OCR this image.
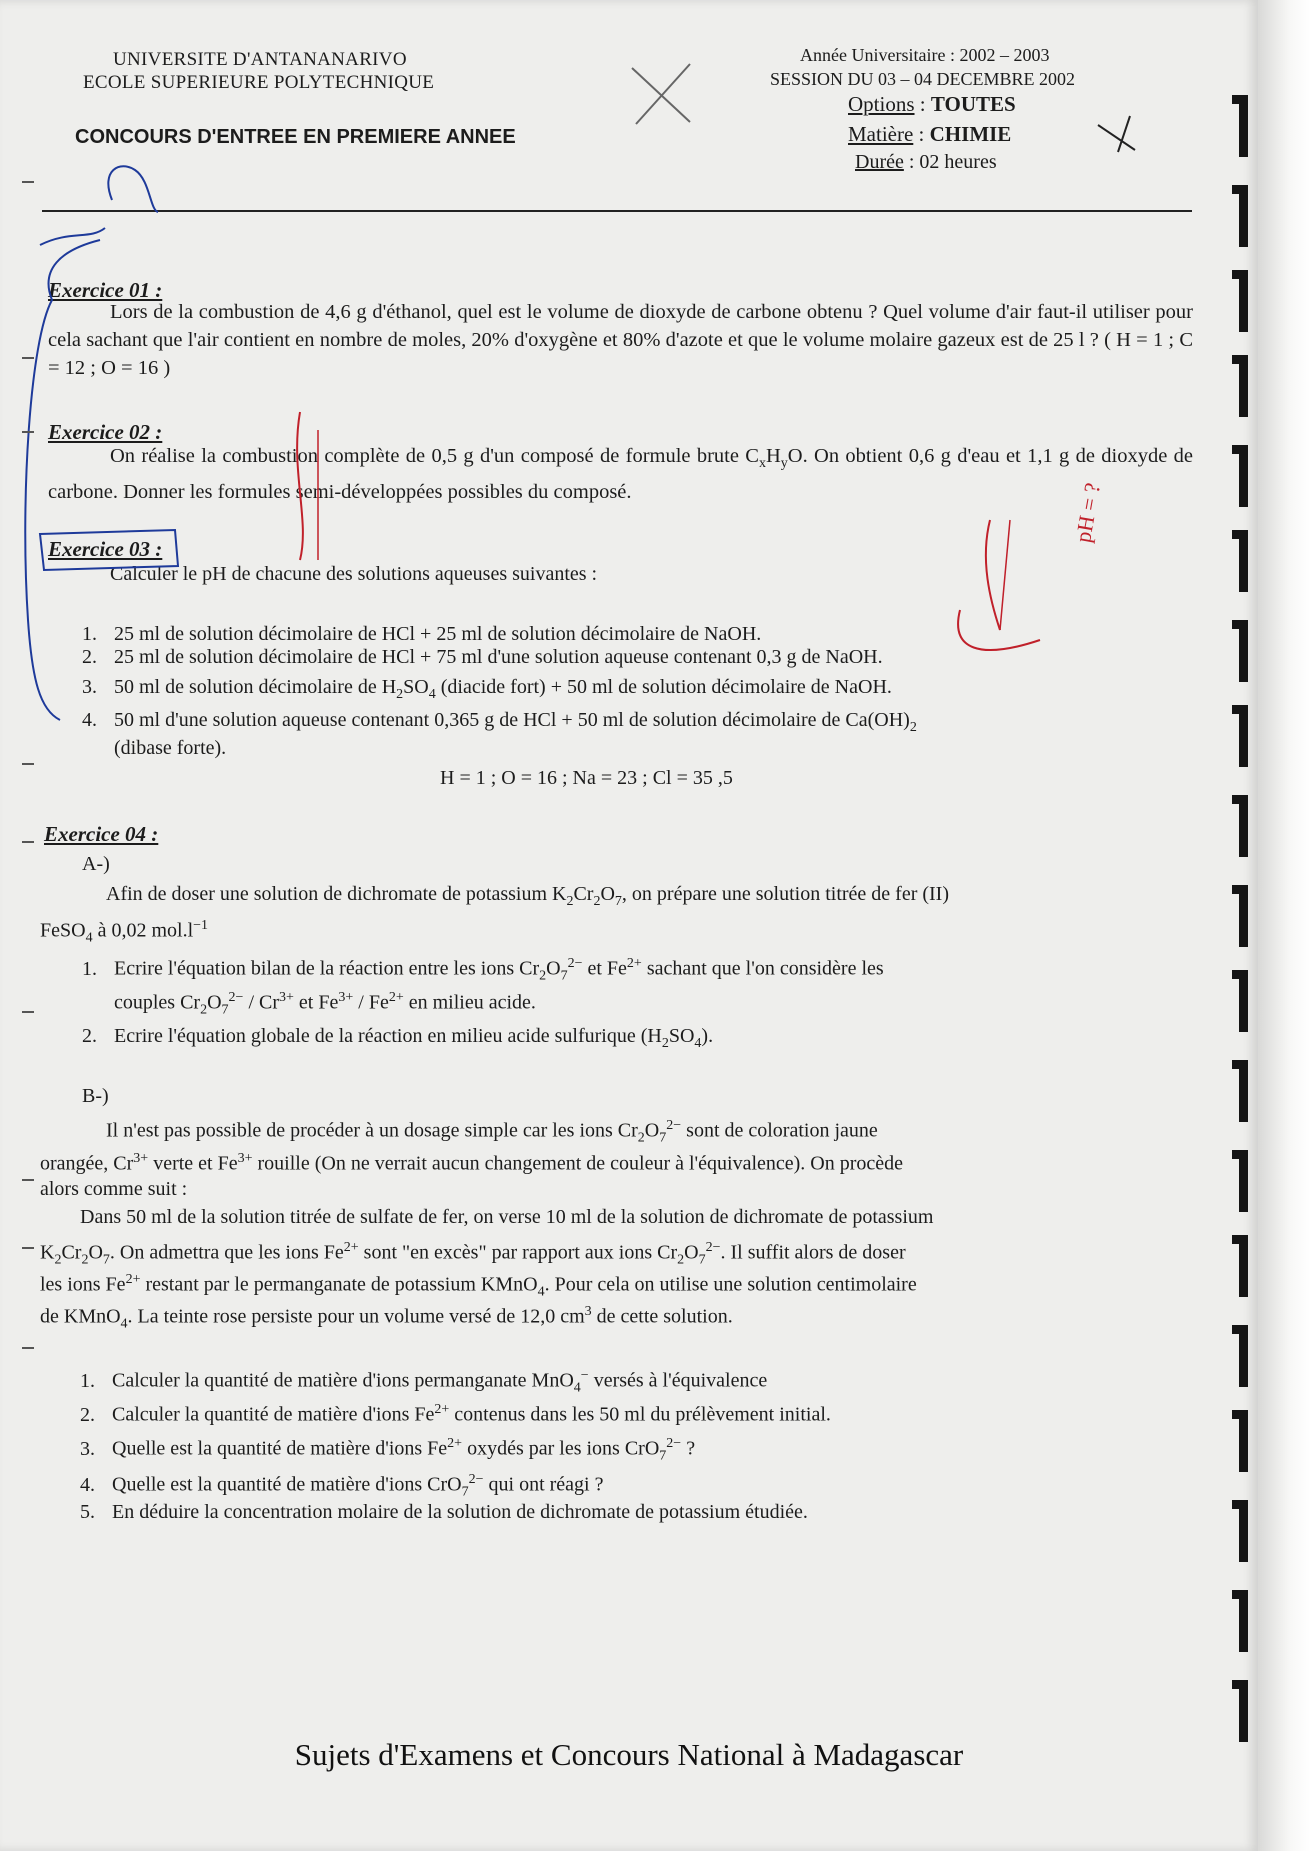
UNIVERSITE D'ANTANANARIVO
ECOLE SUPERIEURE POLYTECHNIQUE
CONCOURS D'ENTREE EN PREMIERE ANNEE
Année Universitaire : 2002 – 2003
SESSION DU 03 – 04 DECEMBRE 2002
Options : TOUTES
Matière : CHIMIE
Durée : 02 heures
Exercice 01 :
Lors de la combustion de 4,6 g d'éthanol, quel est le volume de dioxyde de carbone obtenu ? Quel volume d'air faut-il utiliser pour cela sachant que l'air contient en nombre de moles, 20% d'oxygène et 80% d'azote et que le volume molaire gazeux est de 25 l ? ( H = 1 ; C = 12 ; O = 16 )
Exercice 02 :
On réalise la combustion complète de 0,5 g d'un composé de formule brute $C_xH_yO$. On obtient 0,6 g d'eau et 1,1 g de dioxyde de carbone. Donner les formules semi-développées possibles du composé.
Exercice 03 :
Calculer le pH de chacune des solutions aqueuses suivantes :
1. 25 ml de solution décimolaire de HCl + 25 ml de solution décimolaire de NaOH.
2. 25 ml de solution décimolaire de HCl + 75 ml d'une solution aqueuse contenant 0,3 g de NaOH.
3. 50 ml de solution décimolaire de $H_2SO_4$ (diacide fort) + 50 ml de solution décimolaire de NaOH.
4. 50 ml d'une solution aqueuse contenant 0,365 g de HCl + 50 ml de solution décimolaire de $Ca(OH)_2$
(dibase forte).
H = 1 ; O = 16 ; Na = 23 ; Cl = 35 ,5
Exercice 04 :
A-)
Afin de doser une solution de dichromate de potassium $K_2Cr_2O_7$, on prépare une solution titrée de fer (II)
FeSO$_4$ à 0,02 $mol.l^{-1}$
1. Ecrire l'équation bilan de la réaction entre les ions $Cr_2O_7^{2-}$ et $Fe^{2+}$ sachant que l'on considère les
couples $Cr_2O_7^{2-} / Cr^{3+}$ et $Fe^{3+} / Fe^{2+}$ en milieu acide.
2. Ecrire l'équation globale de la réaction en milieu acide sulfurique $(H_2SO_4)$.
B-)
Il n'est pas possible de procéder à un dosage simple car les ions $Cr_2O_7^{2-}$ sont de coloration jaune
orangée, $Cr^{3+}$ verte et $Fe^{3+}$ rouille (On ne verrait aucun changement de couleur à l'équivalence). On procède
alors comme suit :
Dans 50 ml de la solution titrée de sulfate de fer, on verse 10 ml de la solution de dichromate de potassium
$K_2Cr_2O_7$. On admettra que les ions $Fe^{2+}$ sont "en excès" par rapport aux ions $Cr_2O_7^{2-}$. Il suffit alors de doser
les ions $Fe^{2+}$ restant par le permanganate de potassium KMnO$_4$. Pour cela on utilise une solution centimolaire
de KMnO$_4$. La teinte rose persiste pour un volume versé de 12,0 $cm^3$ de cette solution.
1. Calculer la quantité de matière d'ions permanganate MnO$_4$− versés à l'équivalence
2. Calculer la quantité de matière d'ions $Fe^{2+}$ contenus dans les 50 ml du prélèvement initial.
3. Quelle est la quantité de matière d'ions $Fe^{2+}$ oxydés par les ions CrO$_7^{2-}$ ?
4. Quelle est la quantité de matière d'ions CrO$_7^{2-}$ qui ont réagi ?
5. En déduire la concentration molaire de la solution de dichromate de potassium étudiée.
Sujets d'Examens et Concours National à Madagascar
pH = ?
